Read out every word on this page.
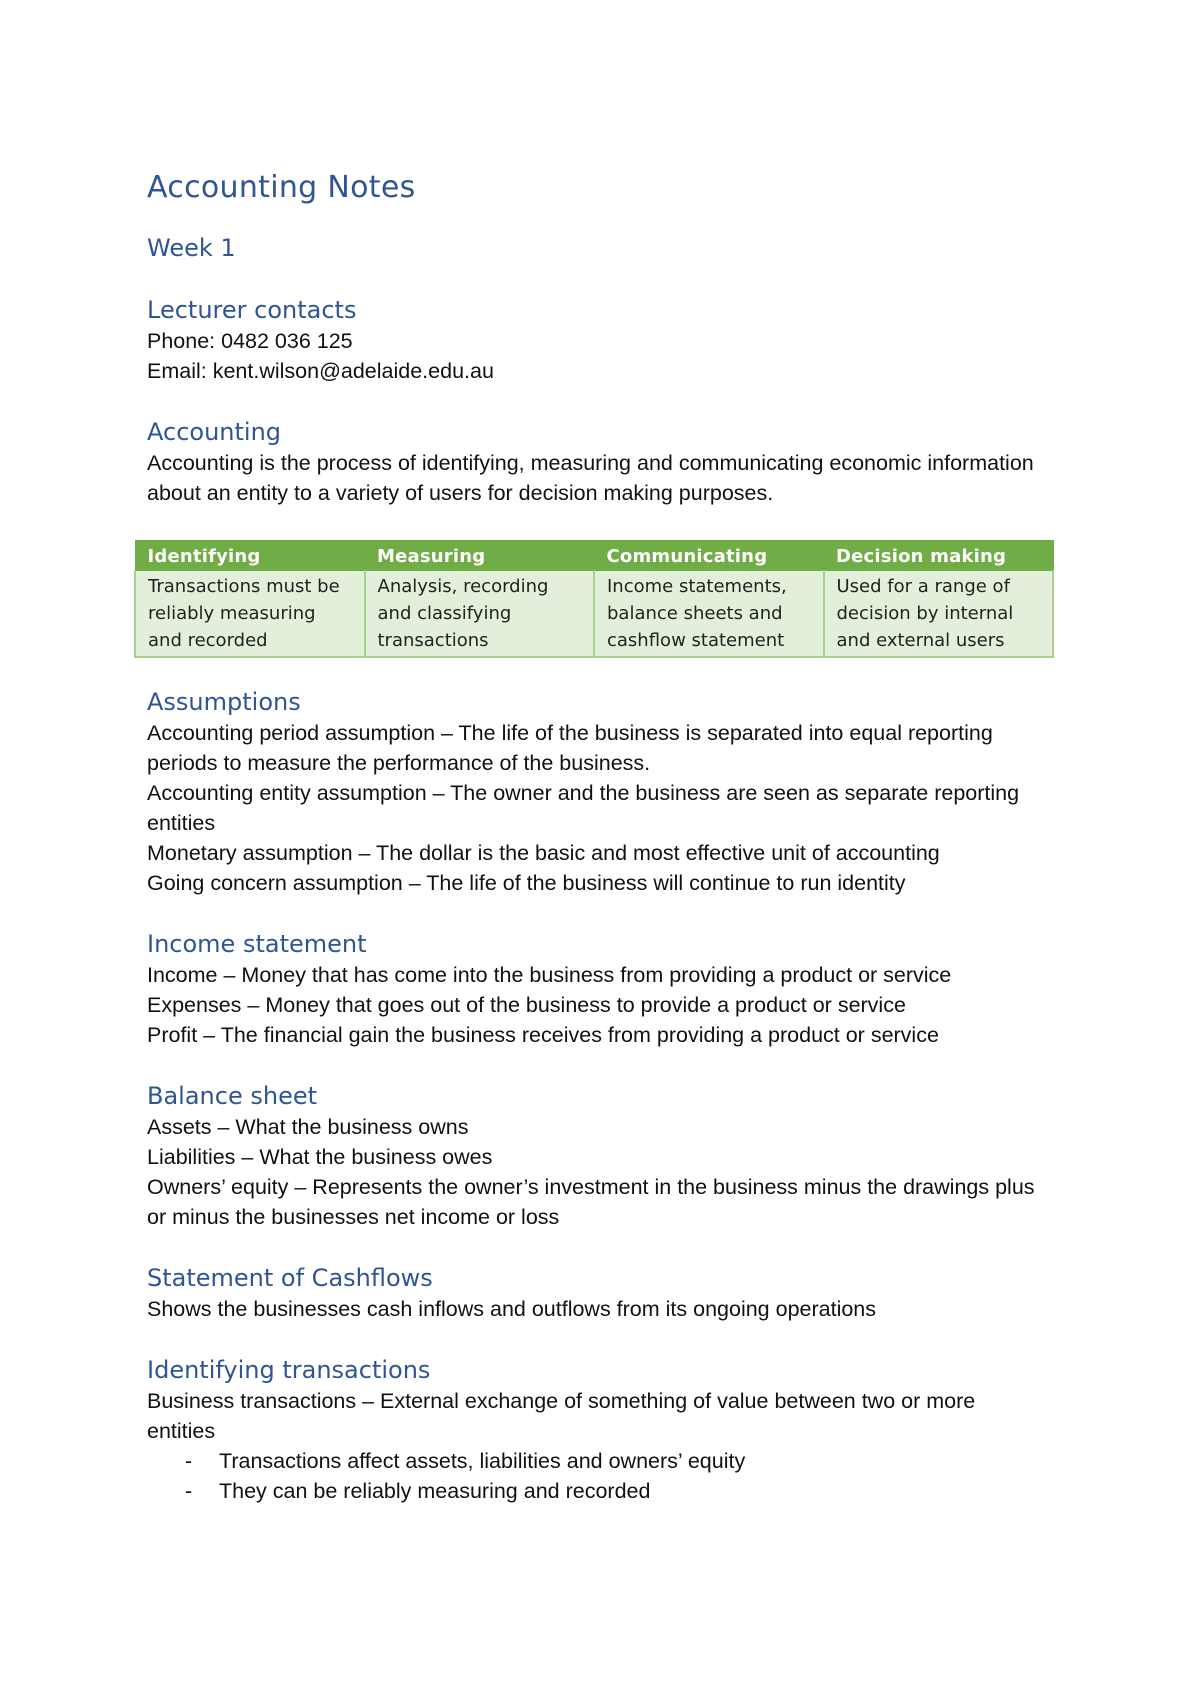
Accounting Notes
Week 1
Lecturer contacts

Phone: 0482 036 125

Email: kent.wilson@adelaide.edu.au

Accounting

Accounting is the process of identifying, measuring and communicating economic information about an entity to a variety of users for decision making purposes.

Identifying	Measuring	Communicating	Decision making
Transactions must be reliably measuring and recorded	Analysis, recording and classifying transactions	Income statements, balance sheets and cashflow statement	Used for a range of decision by internal and external users
Assumptions

Accounting period assumption – The life of the business is separated into equal reporting periods to measure the performance of the business.

Accounting entity assumption – The owner and the business are seen as separate reporting entities

Monetary assumption – The dollar is the basic and most effective unit of accounting

Going concern assumption – The life of the business will continue to run identity

Income statement

Income – Money that has come into the business from providing a product or service

Expenses – Money that goes out of the business to provide a product or service

Profit – The financial gain the business receives from providing a product or service

Balance sheet

Assets – What the business owns

Liabilities – What the business owes

Owners’ equity – Represents the owner’s investment in the business minus the drawings plus or minus the businesses net income or loss

Statement of Cashflows

Shows the businesses cash inflows and outflows from its ongoing operations

Identifying transactions

Business transactions – External exchange of something of value between two or more entities

- Transactions affect assets, liabilities and owners’ equity
- They can be reliably measuring and recorded
